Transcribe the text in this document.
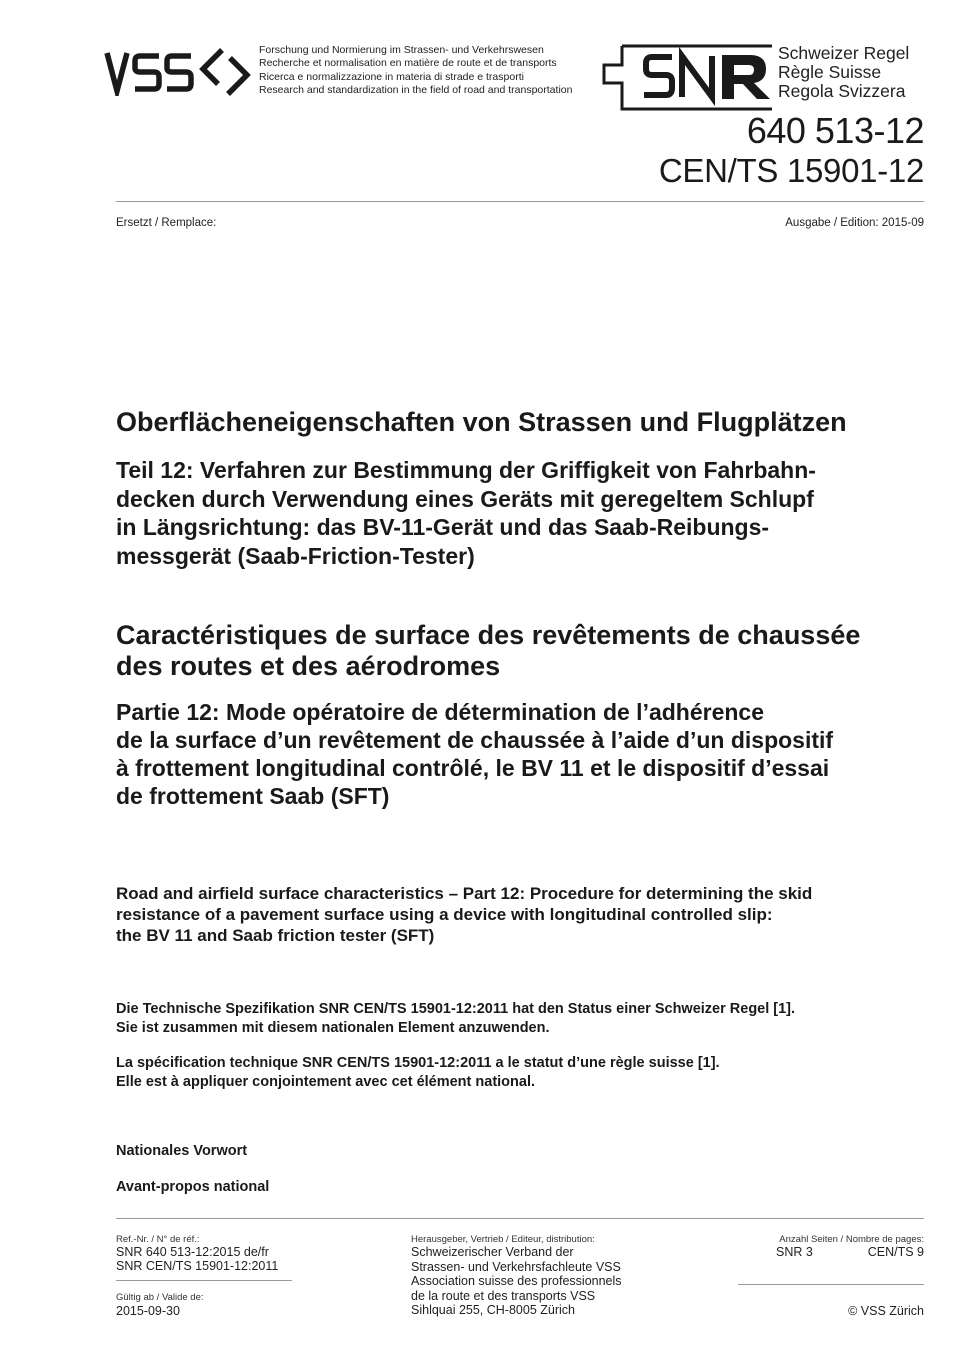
Forschung und Normierung im Strassen- und Verkehrswesen
Recherche et normalisation en matière de route et de transports
Ricerca e normalizzazione in materia di strade e trasporti
Research and standardization in the field of road and transportation
Schweizer Regel
Règle Suisse
Regola Svizzera
640 513-12
CEN/TS 15901-12
Ersetzt / Remplace:	Ausgabe / Edition: 2015-09
Oberflächeneigenschaften von Strassen und Flugplätzen
Teil 12: Verfahren zur Bestimmung der Griffigkeit von Fahrbahn-
decken durch Verwendung eines Geräts mit geregeltem Schlupf
in Längsrichtung: das BV-11-Gerät und das Saab-Reibungs-
messgerät (Saab-Friction-Tester)
Caractéristiques de surface des revêtements de chaussée
des routes et des aérodromes
Partie 12: Mode opératoire de détermination de l’adhérence
de la surface d’un revêtement de chaussée à l’aide d’un dispositif
à frottement longitudinal contrôlé, le BV 11 et le dispositif d’essai
de frottement Saab (SFT)
Road and airfield surface characteristics – Part 12: Procedure for determining the skid
resistance of a pavement surface using a device with longitudinal controlled slip:
the BV 11 and Saab friction tester (SFT)
Die Technische Spezifikation SNR CEN/TS 15901-12:2011 hat den Status einer Schweizer Regel [1].
Sie ist zusammen mit diesem nationalen Element anzuwenden.
La spécification technique SNR CEN/TS 15901-12:2011 a le statut d’une règle suisse [1].
Elle est à appliquer conjointement avec cet élément national.
Nationales Vorwort
Avant-propos national
Ref.-Nr. / N° de réf.:
SNR 640 513-12:2015 de/fr
SNR CEN/TS 15901-12:2011
Gültig ab / Valide de:
2015-09-30
Herausgeber, Vertrieb / Editeur, distribution:
Schweizerischer Verband der
Strassen- und Verkehrsfachleute VSS
Association suisse des professionnels
de la route et des transports VSS
Sihlquai 255, CH-8005 Zürich
Anzahl Seiten / Nombre de pages:
SNR 3	CEN/TS 9
© VSS Zürich
